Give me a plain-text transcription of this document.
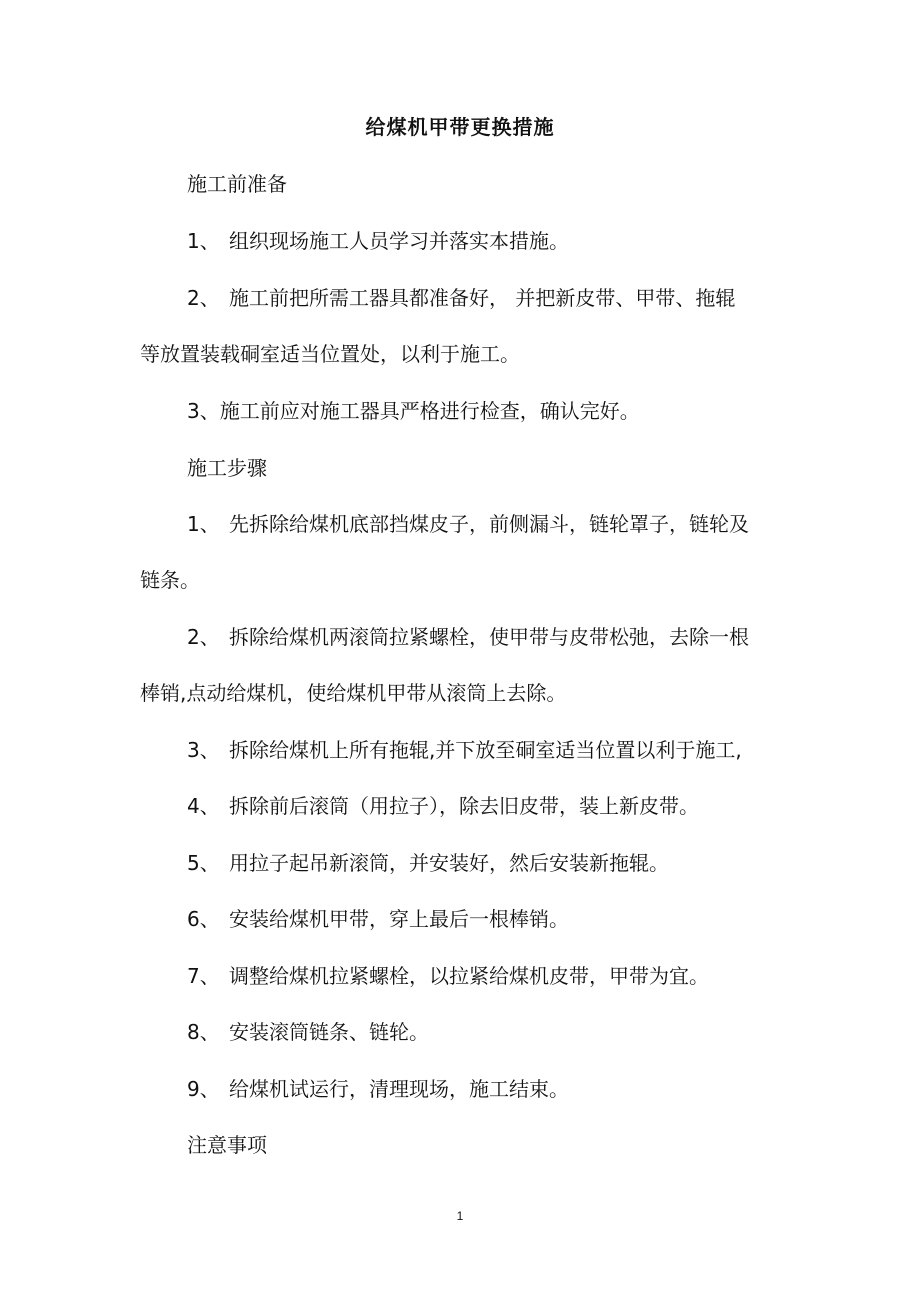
给煤机甲带更换措施
施工前准备
1、 组织现场施工人员学习并落实本措施。
2、 施工前把所需工器具都准备好， 并把新皮带、甲带、拖辊
等放置装载硐室适当位置处，以利于施工。
3、施工前应对施工器具严格进行检查，确认完好。
施工步骤
1、 先拆除给煤机底部挡煤皮子，前侧漏斗，链轮罩子，链轮及
链条。
2、 拆除给煤机两滚筒拉紧螺栓，使甲带与皮带松弛，去除一根
棒销,点动给煤机，使给煤机甲带从滚筒上去除。
3、 拆除给煤机上所有拖辊,并下放至硐室适当位置以利于施工,
4、 拆除前后滚筒（用拉子），除去旧皮带，装上新皮带。
5、 用拉子起吊新滚筒，并安装好，然后安装新拖辊。
6、 安装给煤机甲带，穿上最后一根棒销。
7、 调整给煤机拉紧螺栓，以拉紧给煤机皮带，甲带为宜。
8、 安装滚筒链条、链轮。
9、 给煤机试运行，清理现场，施工结束。
注意事项
1
